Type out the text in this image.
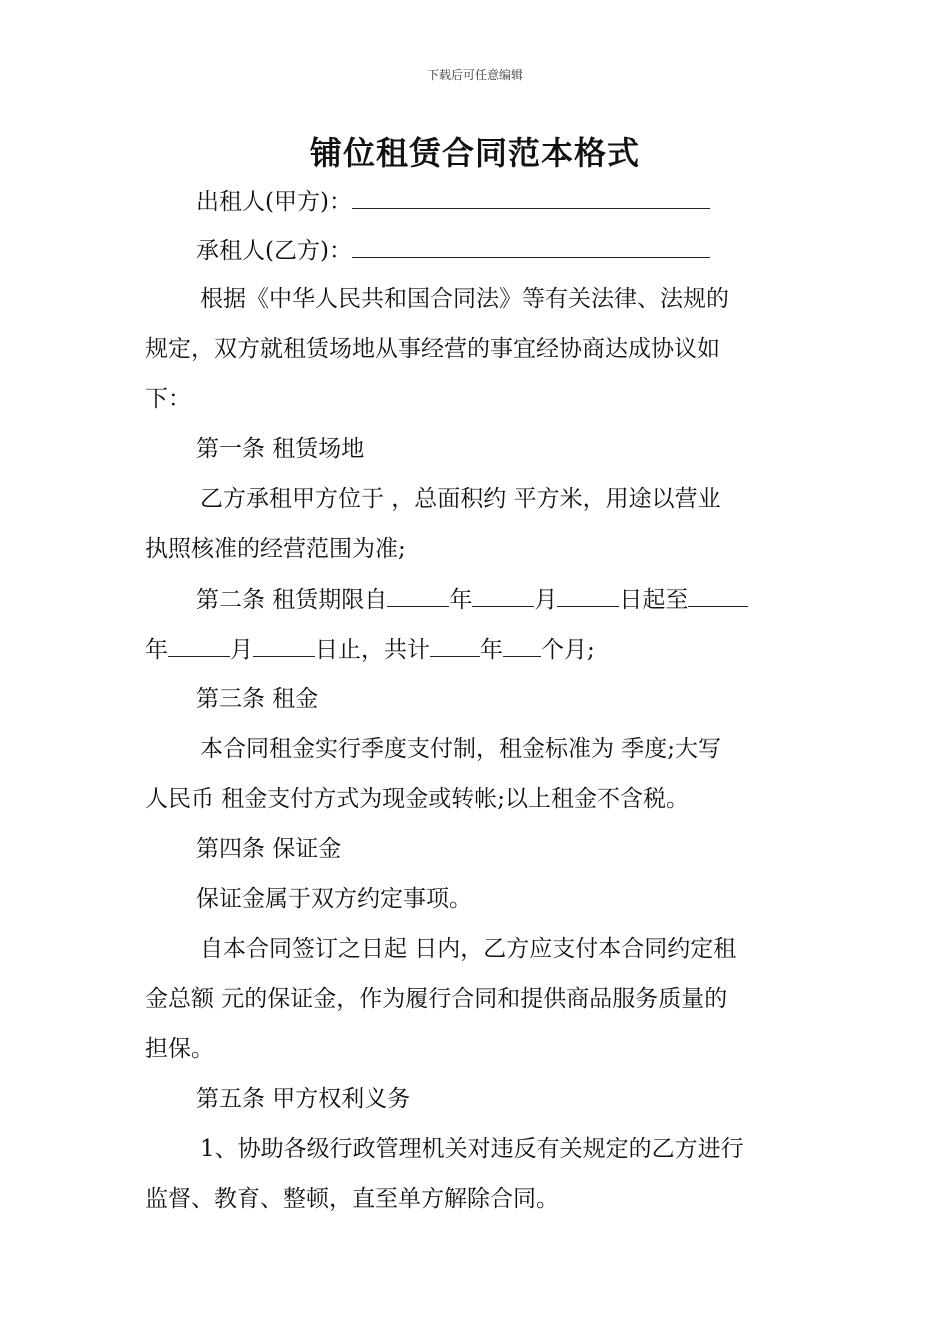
下载后可任意编辑
铺位租赁合同范本格式
出租人(甲方)：
承租人(乙方)：
根据《中华人民共和国合同法》等有关法律、法规的
规定，双方就租赁场地从事经营的事宜经协商达成协议如
下：
第一条 租赁场地
乙方承租甲方位于 ，总面积约 平方米，用途以营业
执照核准的经营范围为准;
第二条 租赁期限自	年	月	日起至
年	月	日止，共计 年 个月;
第三条 租金
本合同租金实行季度支付制，租金标准为 季度;大写
人民币 租金支付方式为现金或转帐;以上租金不含税。
第四条 保证金
保证金属于双方约定事项。
自本合同签订之日起 日内，乙方应支付本合同约定租
金总额 元的保证金，作为履行合同和提供商品服务质量的
担保。
第五条 甲方权利义务
1、协助各级行政管理机关对违反有关规定的乙方进行
监督、教育、整顿，直至单方解除合同。
